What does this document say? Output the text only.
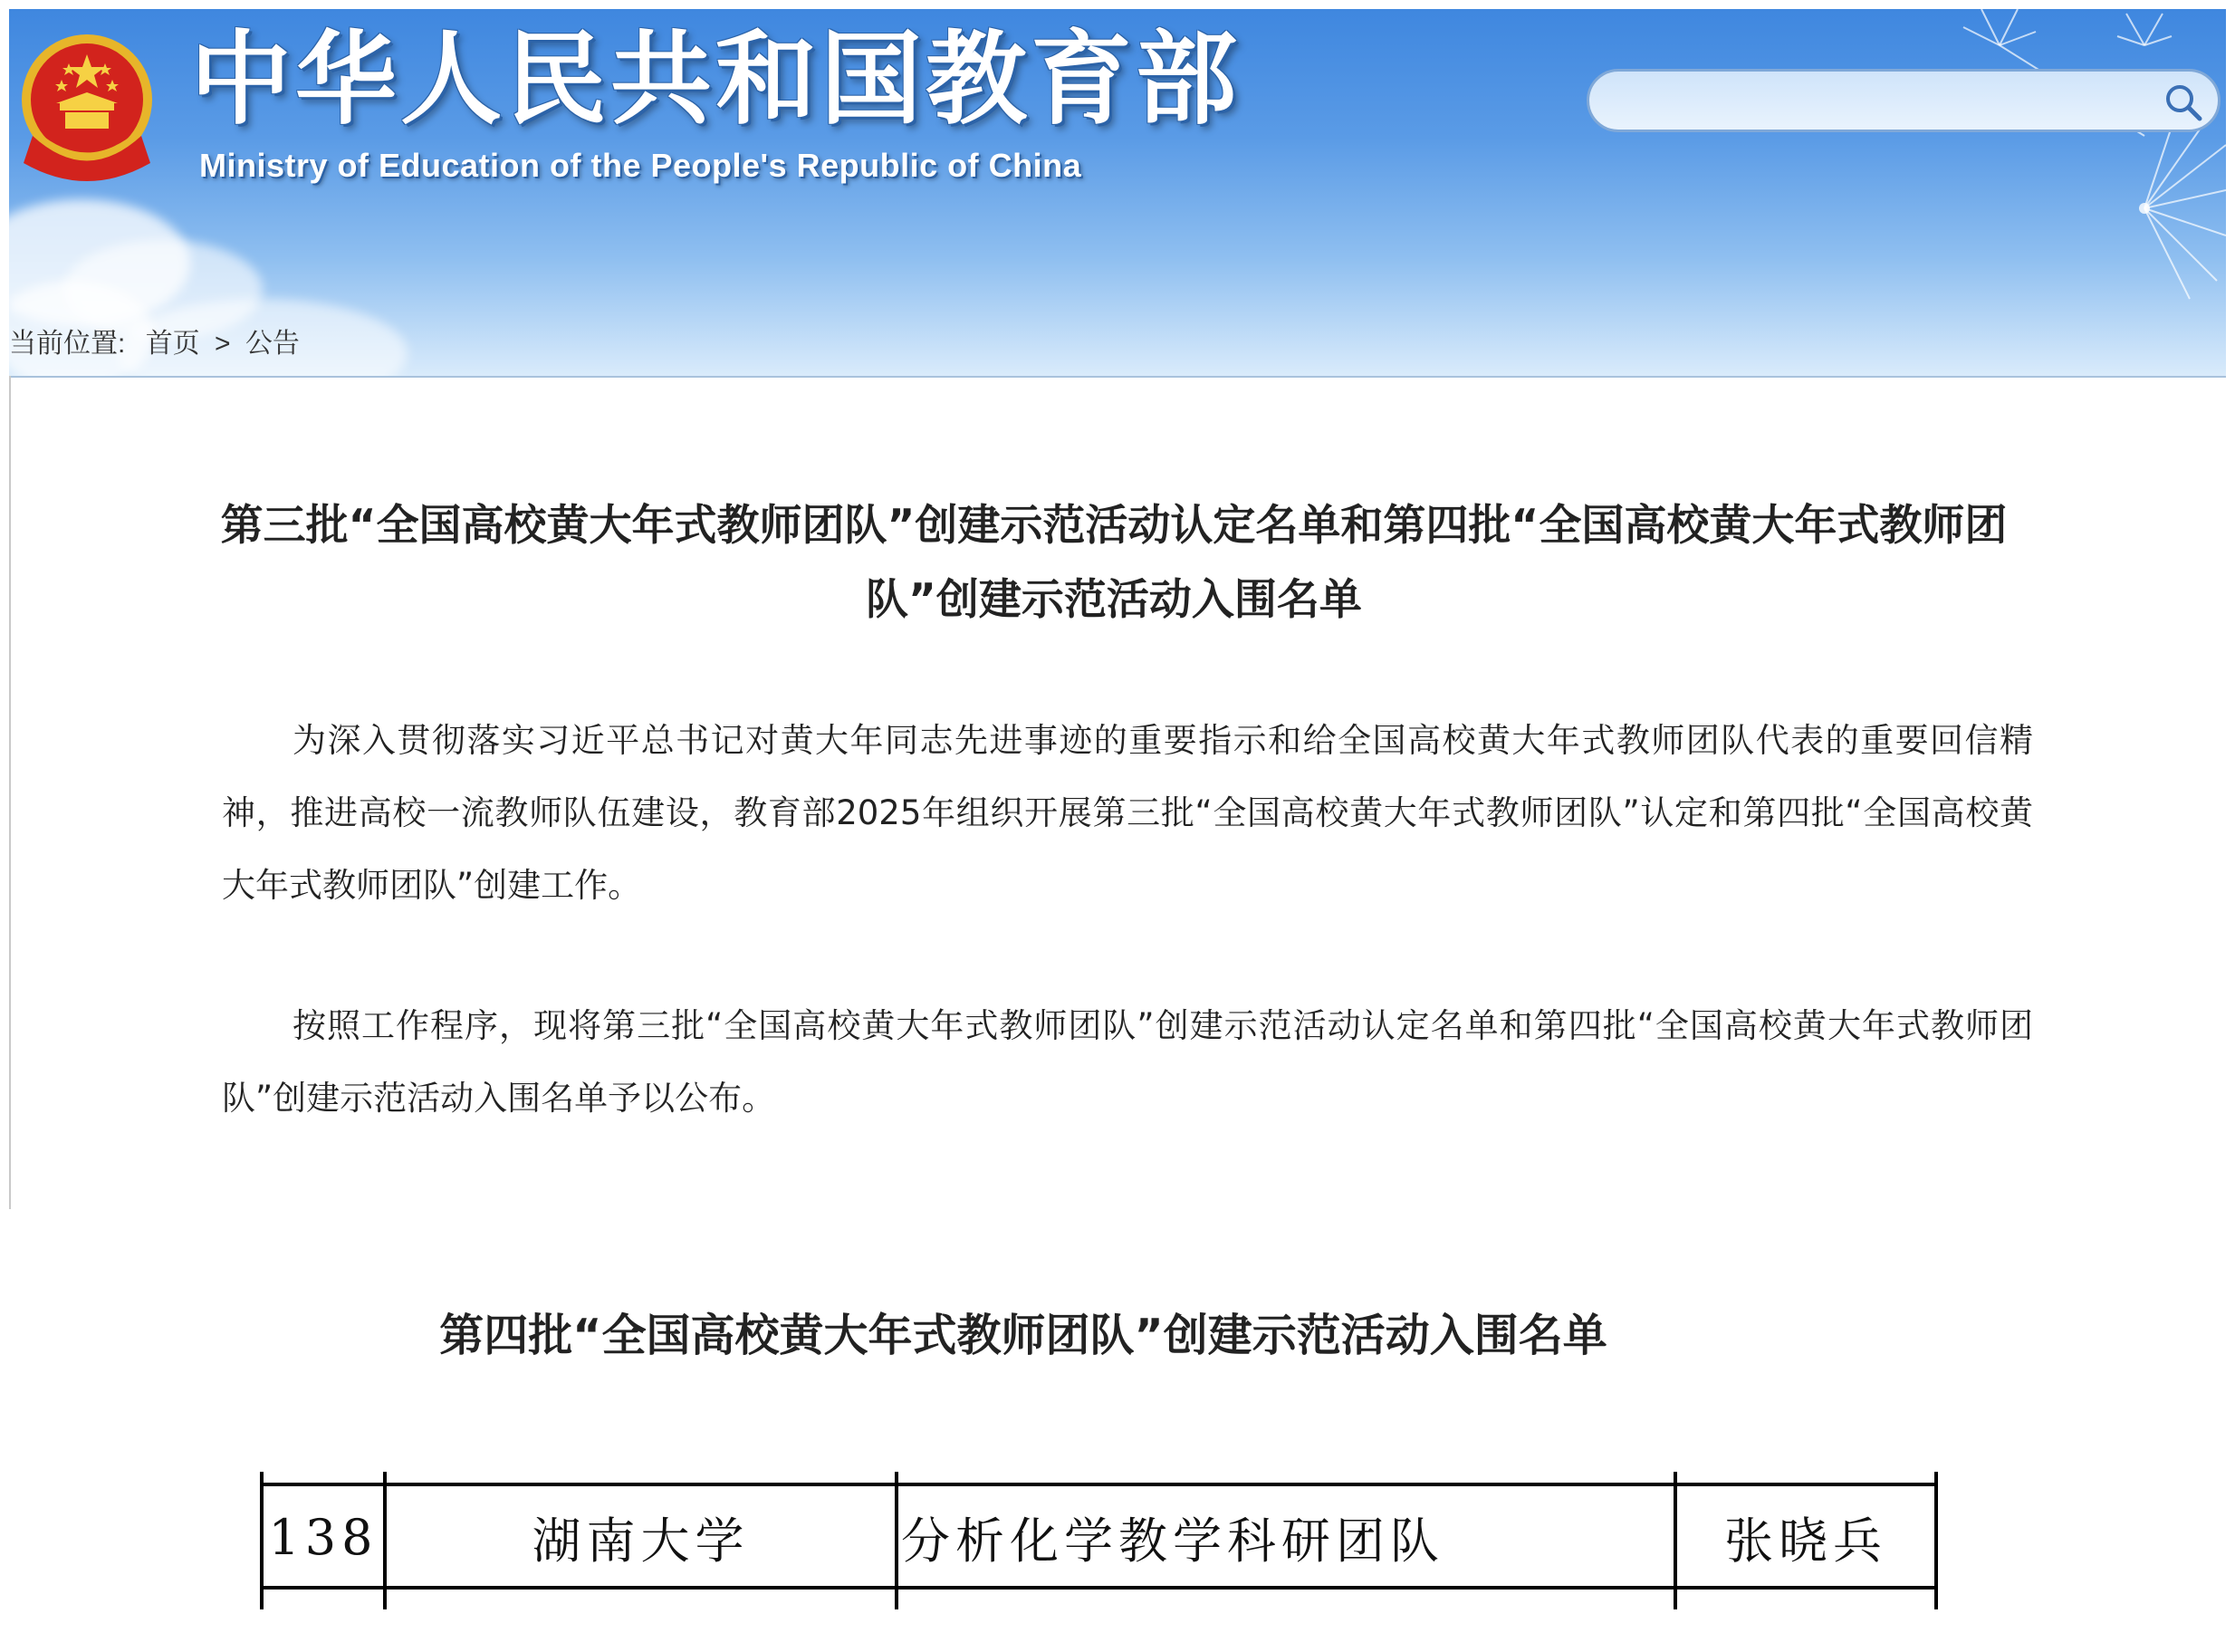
中华人民共和国教育部
Ministry of Education of the People's Republic of China
当前位置: 首页 > 公告
第三批“全国高校黄大年式教师团队”创建示范活动认定名单和第四批“全国高校黄大年式教师团队”创建示范活动入围名单
为深入贯彻落实习近平总书记对黄大年同志先进事迹的重要指示和给全国高校黄大年式教师团队代表的重要回信精神，推进高校一流教师队伍建设，教育部2025年组织开展第三批“全国高校黄大年式教师团队”认定和第四批“全国高校黄大年式教师团队”创建工作。
按照工作程序，现将第三批“全国高校黄大年式教师团队”创建示范活动认定名单和第四批“全国高校黄大年式教师团队”创建示范活动入围名单予以公布。
第四批“全国高校黄大年式教师团队”创建示范活动入围名单
138	湖南大学	分析化学教学科研团队	张晓兵
